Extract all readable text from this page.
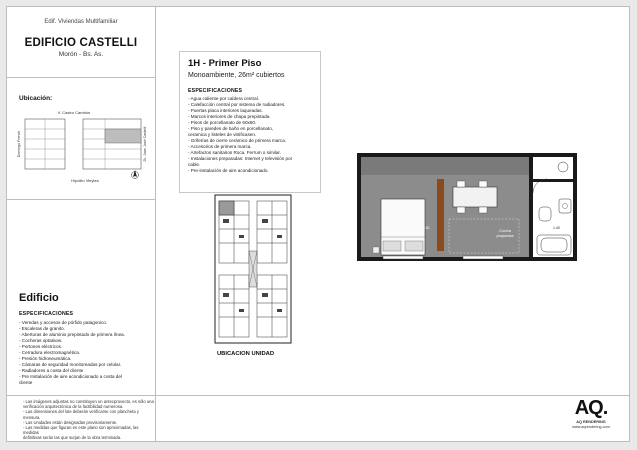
Edif. Viviendas Multifamiliar
EDIFICIO CASTELLI
Morón - Bs. As.
Ubicación:
V. Castro Cambón
Hipólito Vieytes
Domingo French	Dr. Juan José Castelli
Edificio
ESPECIFICACIONES
- Veredas y accesos de pórfido patagonico.
- Escaleras de granito.
- Aberturas de aluminio prepintado de primera línea.
- Cocheras optativas.
- Portones eléctricos.
- Cerradura electromagnética.
- Presión hidroneumática.
- Cámaras de seguridad monitoreadas por celular.
- Radiadores a costa del cliente
- Pre Instalación de aire acondicionado a costa del
cliente
- Las imágenes adjuntas no constituyen un antecprovecto, es sólo una
verificación arquitectónica de la factibilidad numerosa.
- Las dimensiones del lote deberán verificarse con plancheta y mensura.
- Las Unidades están designadas provisoriamente.
- Las medidas que figuran en este plano son aproximadas, las medidas
definitivas serán las que surjan de la obra terminada.
1H - Primer Piso
Monoambiente, 26m² cubiertos
ESPECIFICACIONES
- Agua caliente por caldera central.
- Calefacción central por sistema de radiadores.
- Puertas placa interiores laqueadas.
- Marcos interiores de chapa prepintada.
- Pisos de porcellanato de 60x60.
- Piso y paredes de baño en porcellanato,
ceramica y listeles de vitrificasen.
- Griferías de cierre cerámico de primera marca.
- Accesorios de primera marca.
- Artefactos sanitarios Roca, Ferrum o similar.
- Instalaciones preparadas: Internet y televisión por
cable.
- Pre-instalación de aire acondicionado.
UBICACION UNIDAD
Cocina
propuesta
2.81	1.40
AQ.
AQ RENDERING
www.aqrendering.com
